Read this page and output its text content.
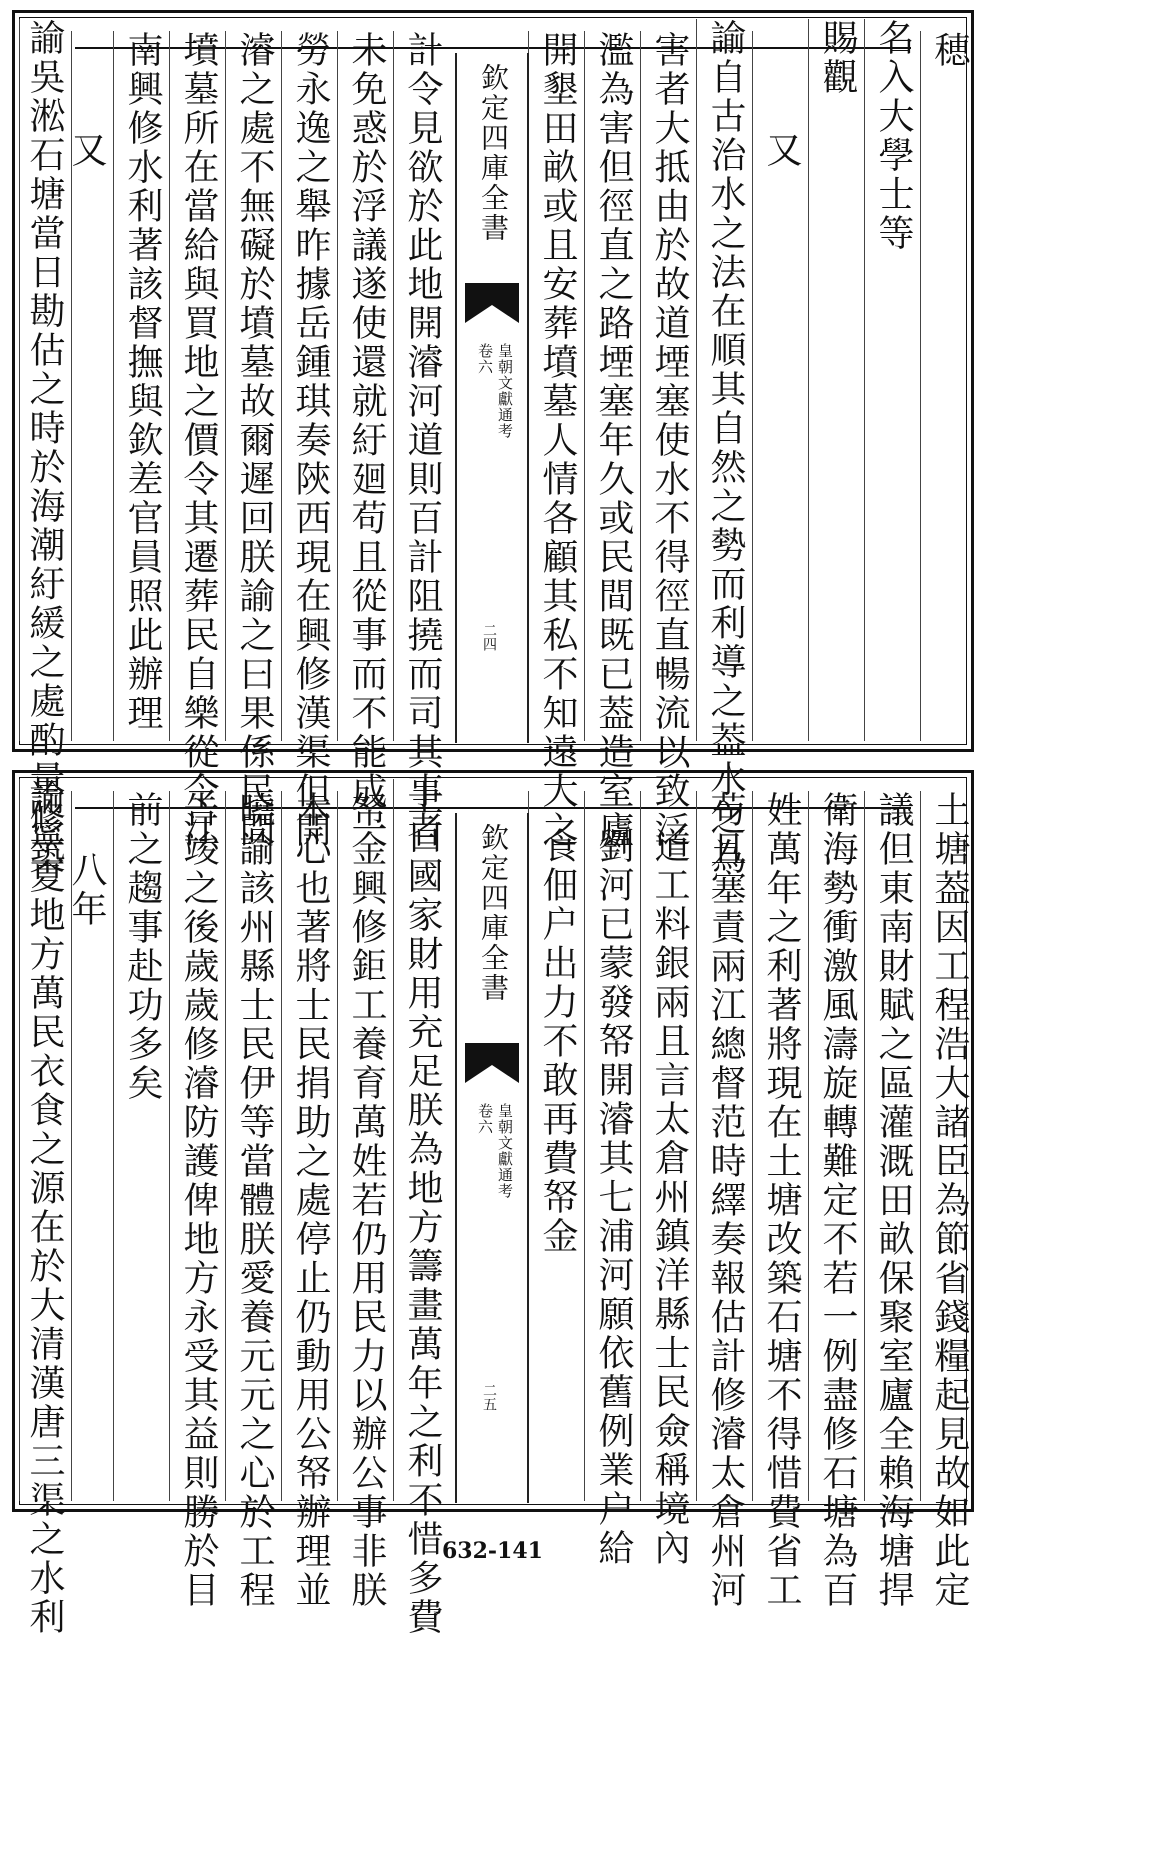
穂
名入大學士等
賜觀
又
諭自古治水之法在順其自然之勢而利導之葢水之為
害者大抵由於故道堙塞使水不得徑直暢流以致泛
濫為害但徑直之路堙塞年久或民間既已葢造室廬
開墾田畝或且安葬墳墓人情各顧其私不知遠大之
欽定四庫全書
皇朝文獻通考
卷六
二四
計令見欲於此地開濬河道則百計阻撓而司其事者
未免惑於浮議遂使還就紆廻苟且從事而不能成一
勞永逸之舉昨據岳鍾琪奏陝西現在興修漢渠但開
濬之處不無礙於墳墓故爾遲回朕諭之曰果係民間
墳墓所在當給與買地之價令其遷葬民自樂從令江
南興修水利著該督撫與欽差官員照此辦理
又
諭吳淞石塘當日勘估之時於海潮紆緩之處酌量修築
土塘葢因工程浩大諸臣為節省錢糧起見故如此定
議但東南財賦之區灌溉田畝保聚室廬全賴海塘捍
衛海勢衝激風濤旋轉難定不若一例盡修石塘為百
姓萬年之利著將現在土塘改築石塘不得惜費省工
苟且塞責兩江總督范時繹奏報估計修濬太倉州河
道工料銀兩且言太倉州鎮洋縣士民僉稱境內
劉河已蒙發帑開濬其七浦河願依舊例業户給
食佃户出力不敢再費帑金
欽定四庫全書
皇朝文獻通考
卷六
二五
上曰國家財用充足朕為地方籌畫萬年之利不惜多費
帑金興修鉅工養育萬姓若仍用民力以辦公事非朕
本心也著將士民捐助之處停止仍動用公帑辦理並
曉諭該州縣士民伊等當體朕愛養元元之心於工程
告竣之後歲歲修濬防護俾地方永受其益則勝於目
前之趨事赴功多矣
八年
諭寧夏地方萬民衣食之源在於大清漢唐三渠之水利	632-141
